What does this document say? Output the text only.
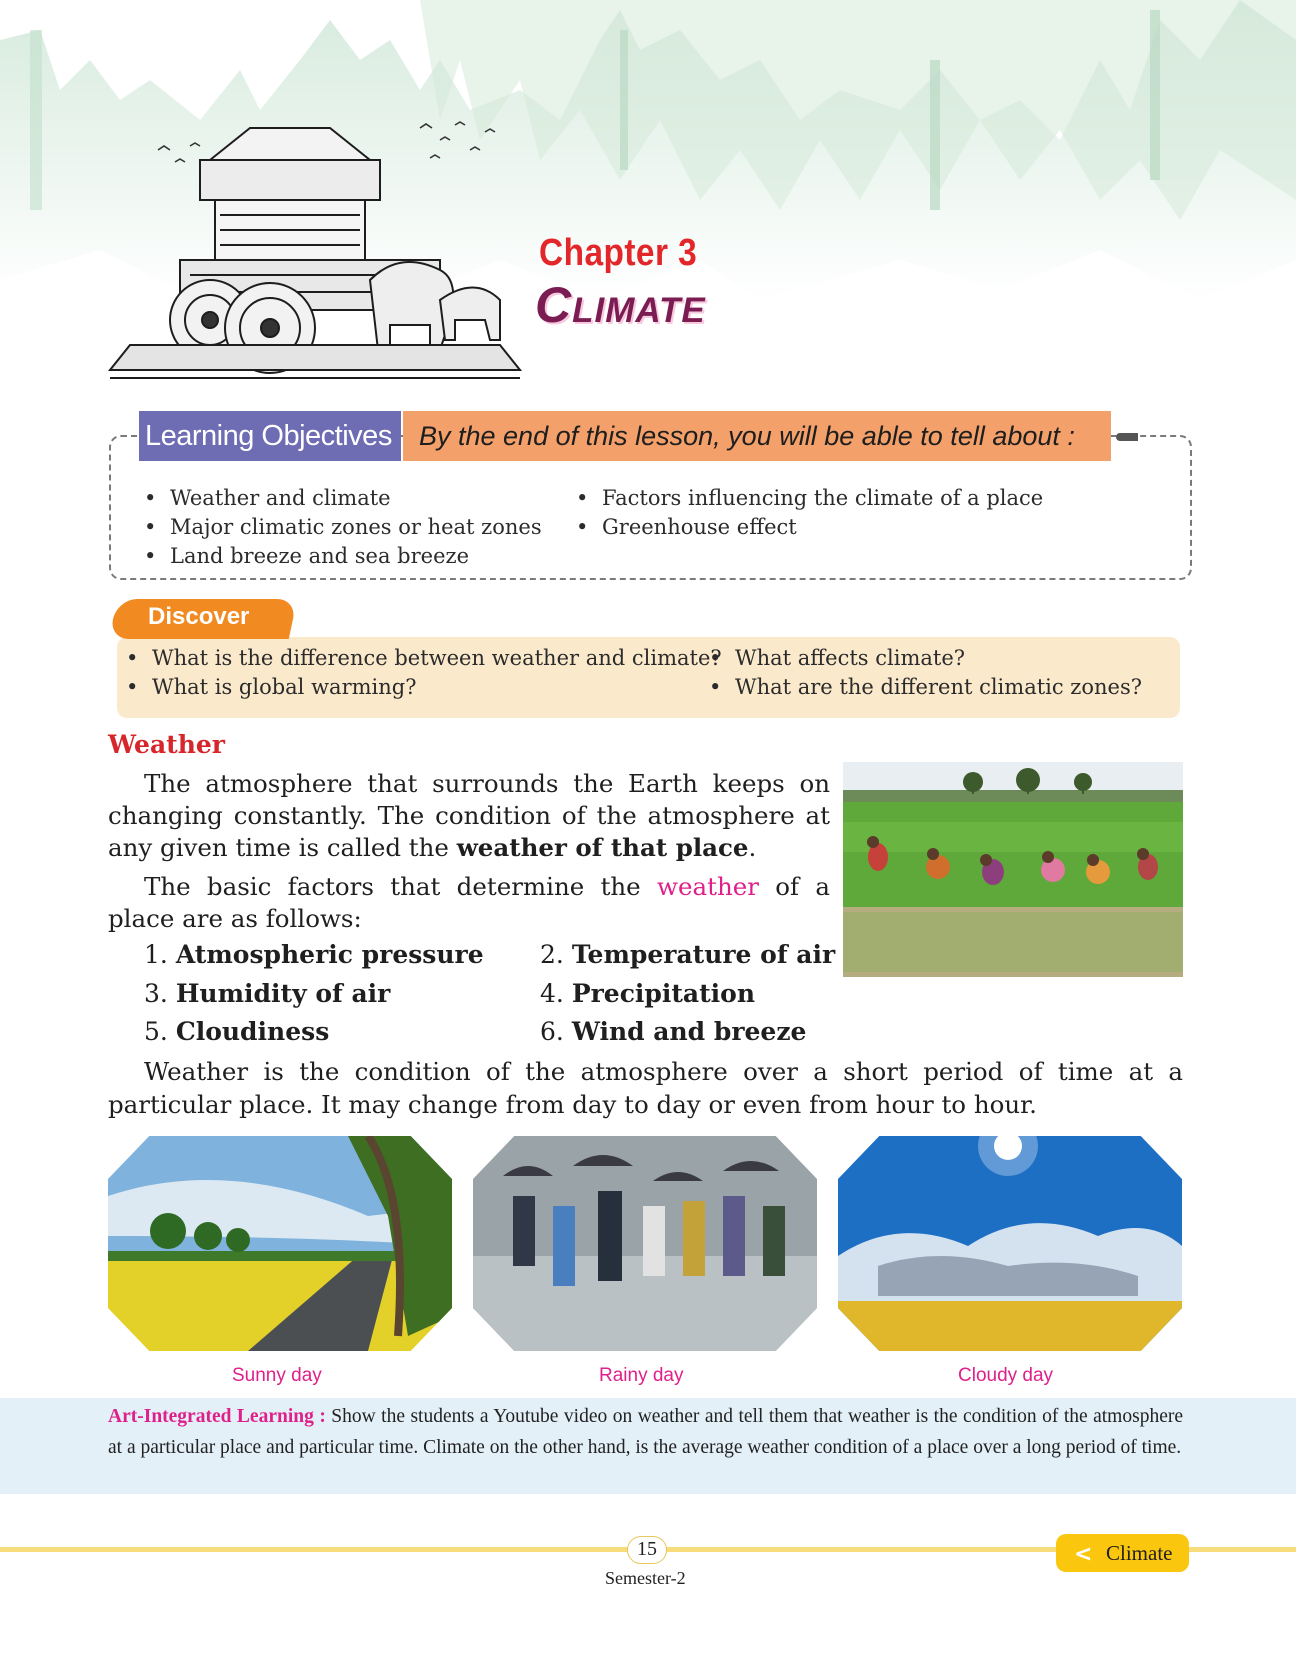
Chapter 3
Climate
Learning Objectives	By the end of this lesson, you will be able to tell about :
• Weather and climate
• Major climatic zones or heat zones
• Land breeze and sea breeze
• Factors influencing the climate of a place
• Greenhouse effect
Discover
• What is the difference between weather and climate?
• What is global warming?
• What affects climate?
• What are the different climatic zones?
Weather

The atmosphere that surrounds the Earth keeps on changing constantly. The condition of the atmosphere at any given time is called the weather of that place.

The basic factors that determine the weather of a place are as follows:

1. Atmospheric pressure 2. Temperature of air
3. Humidity of air	4. Precipitation
5. Cloudiness	6. Wind and breeze

Weather is the condition of the atmosphere over a short period of time at a particular place. It may change from day to day or even from hour to hour.

Sunny day	Rainy day	Cloudy day

Art-Integrated Learning : Show the students a Youtube video on weather and tell them that weather is the condition of the atmosphere at a particular place and particular time. Climate on the other hand, is the average weather condition of a place over a long period of time.

15
Semester-2
Climate
<
